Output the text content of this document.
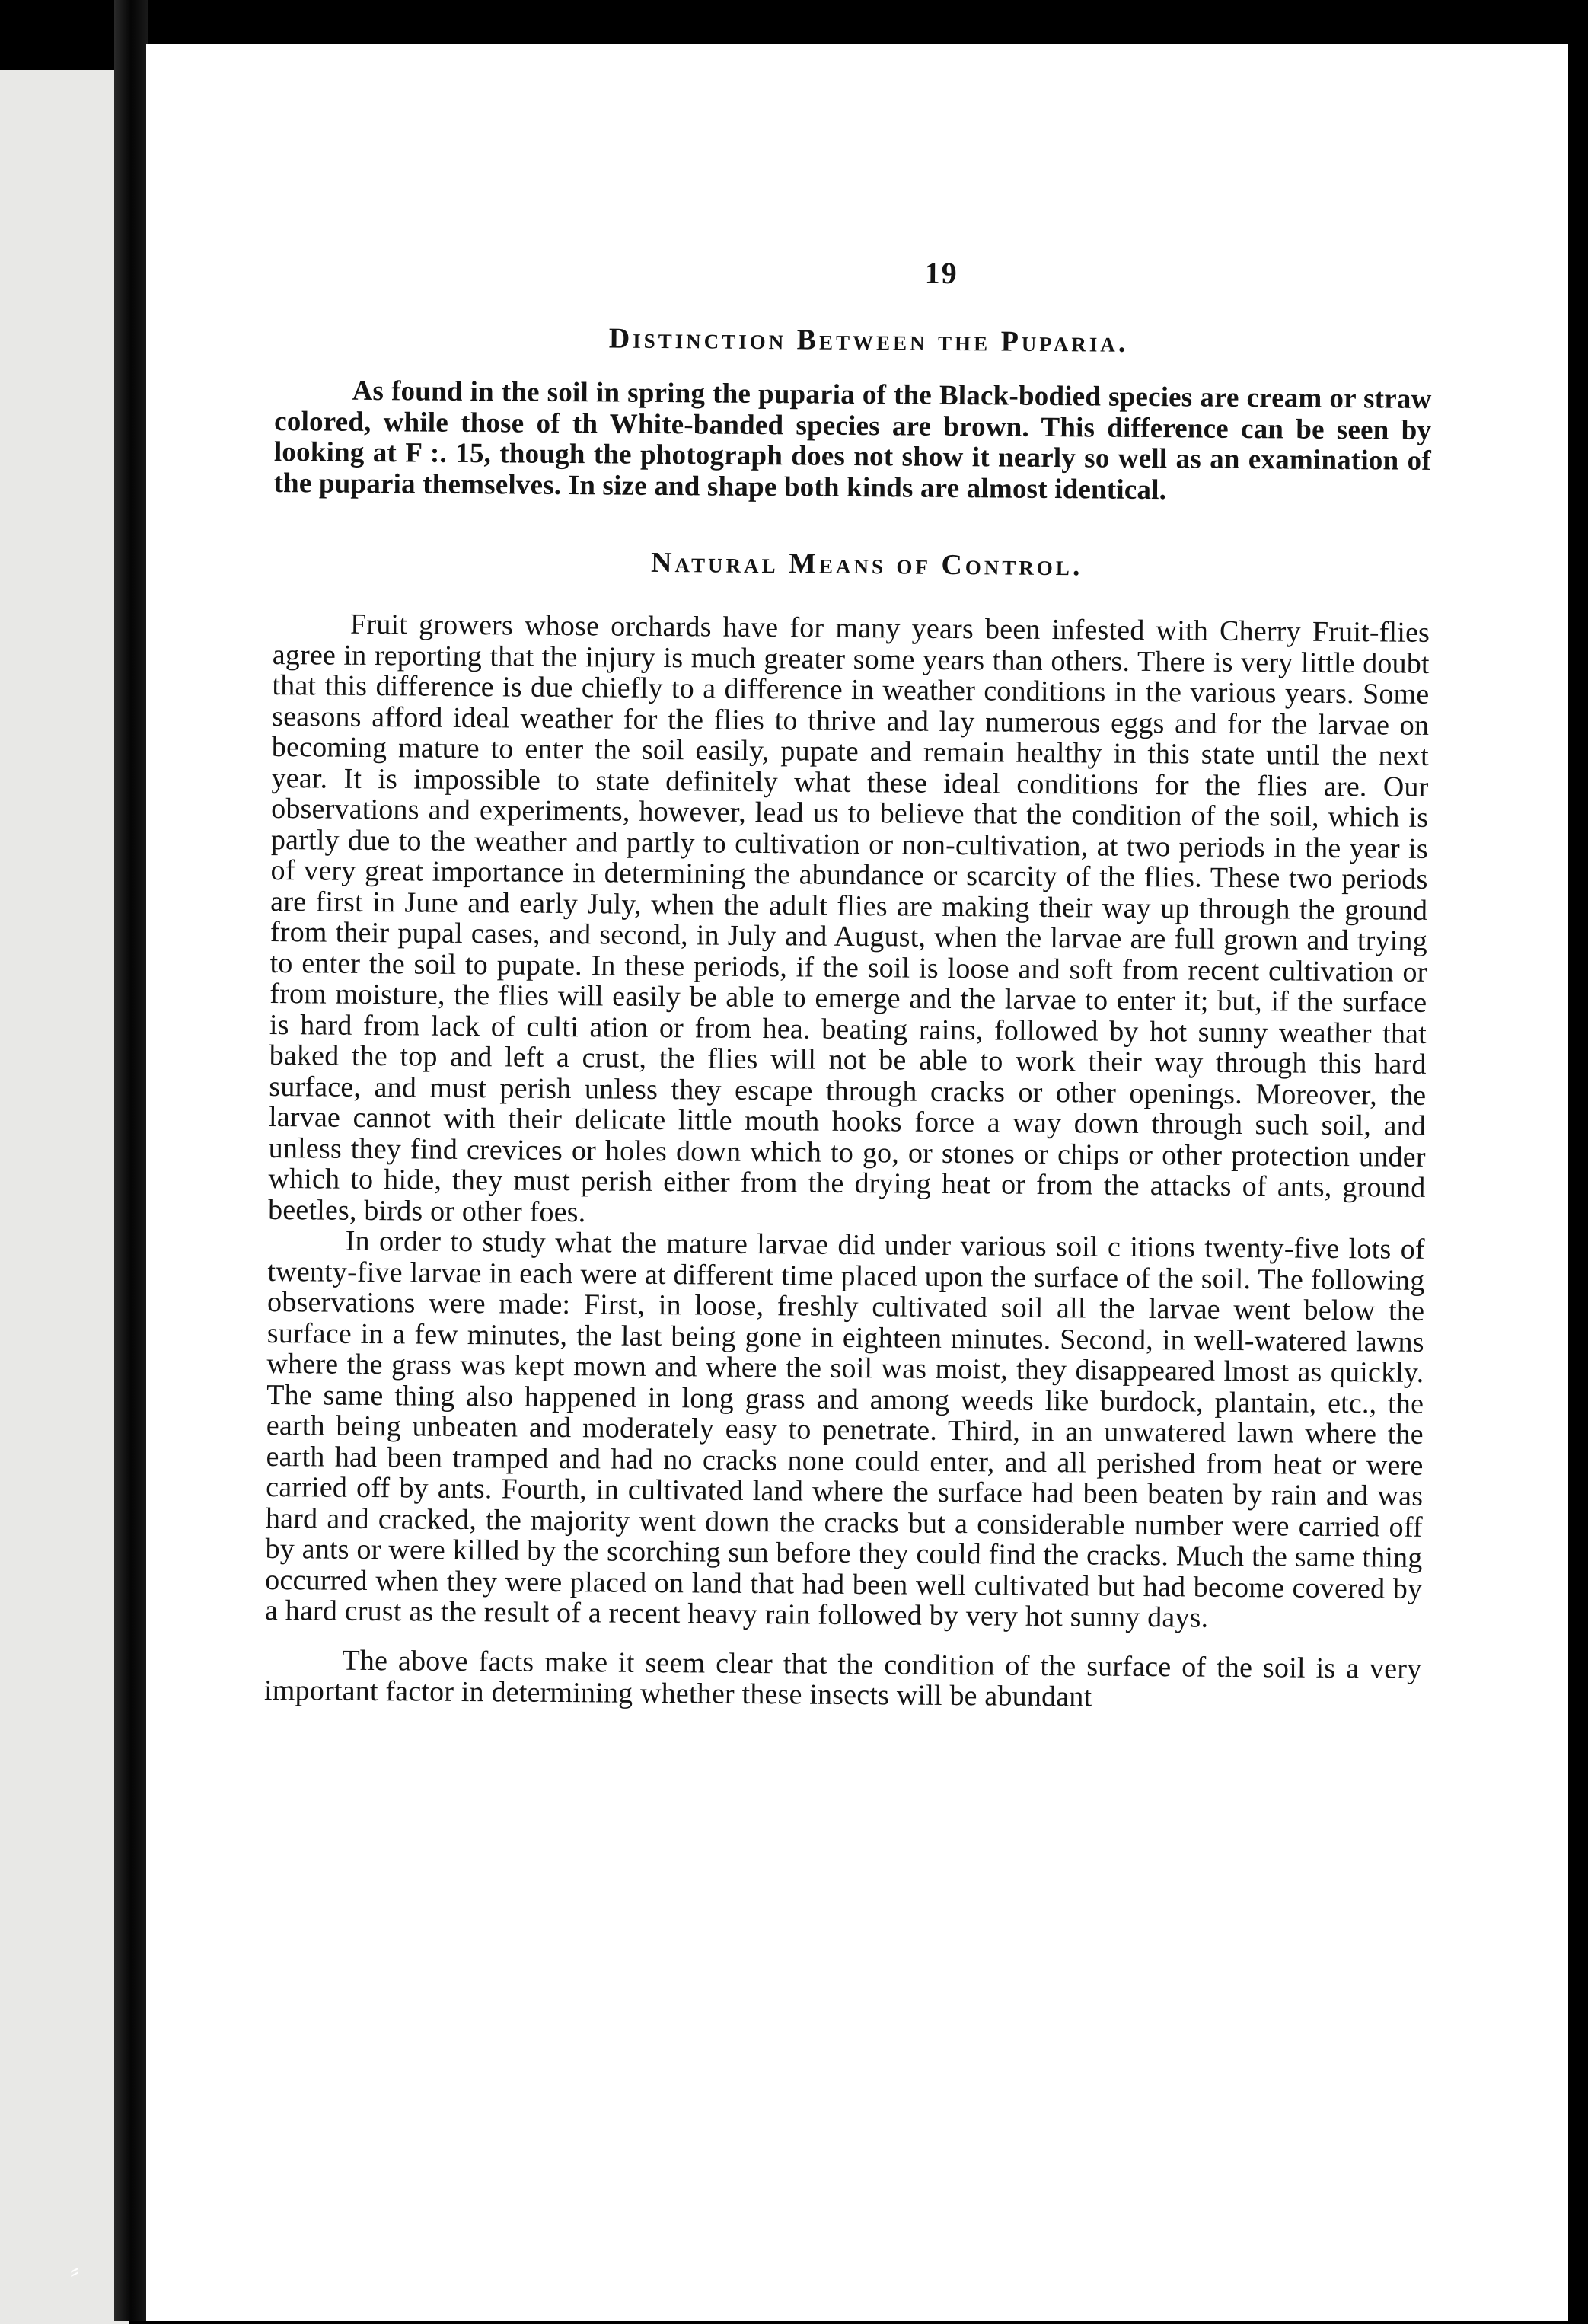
19
Distinction Between the Puparia.

As found in the soil in spring the puparia of the Black-bodied species are cream or straw colored, while those of th White-banded species are brown. This difference can be seen by looking at F :. 15, though the photograph does not show it nearly so well as an examination of the puparia themselves. In size and shape both kinds are almost identical.

Natural Means of Control.

Fruit growers whose orchards have for many years been infested with Cherry Fruit-flies agree in reporting that the injury is much greater some years than others. There is very little doubt that this difference is due chiefly to a difference in weather conditions in the various years. Some seasons afford ideal weather for the flies to thrive and lay numerous eggs and for the larvae on becoming mature to enter the soil easily, pupate and remain healthy in this state until the next year. It is impossible to state definitely what these ideal conditions for the flies are. Our observations and experiments, however, lead us to believe that the condition of the soil, which is partly due to the weather and partly to cultivation or non-cultivation, at two periods in the year is of very great importance in determining the abundance or scarcity of the flies. These two periods are first in June and early July, when the adult flies are making their way up through the ground from their pupal cases, and second, in July and August, when the larvae are full grown and trying to enter the soil to pupate. In these periods, if the soil is loose and soft from recent cultivation or from moisture, the flies will easily be able to emerge and the larvae to enter it; but, if the surface is hard from lack of culti ation or from hea. beating rains, followed by hot sunny weather that baked the top and left a crust, the flies will not be able to work their way through this hard surface, and must perish unless they escape through cracks or other openings. Moreover, the larvae cannot with their delicate little mouth hooks force a way down through such soil, and unless they find crevices or holes down which to go, or stones or chips or other protection under which to hide, they must perish either from the drying heat or from the attacks of ants, ground beetles, birds or other foes.

In order to study what the mature larvae did under various soil c itions twenty-five lots of twenty-five larvae in each were at different time placed upon the surface of the soil. The following observations were made: First, in loose, freshly cultivated soil all the larvae went below the surface in a few minutes, the last being gone in eighteen minutes. Second, in well-watered lawns where the grass was kept mown and where the soil was moist, they disappeared lmost as quickly. The same thing also happened in long grass and among weeds like burdock, plantain, etc., the earth being unbeaten and moderately easy to penetrate. Third, in an unwatered lawn where the earth had been tramped and had no cracks none could enter, and all perished from heat or were carried off by ants. Fourth, in cultivated land where the surface had been beaten by rain and was hard and cracked, the majority went down the cracks but a considerable number were carried off by ants or were killed by the scorching sun before they could find the cracks. Much the same thing occurred when they were placed on land that had been well cultivated but had become covered by a hard crust as the result of a recent heavy rain followed by very hot sunny days.

The above facts make it seem clear that the condition of the surface of the soil is a very important factor in determining whether these insects will be abundant

⸗
